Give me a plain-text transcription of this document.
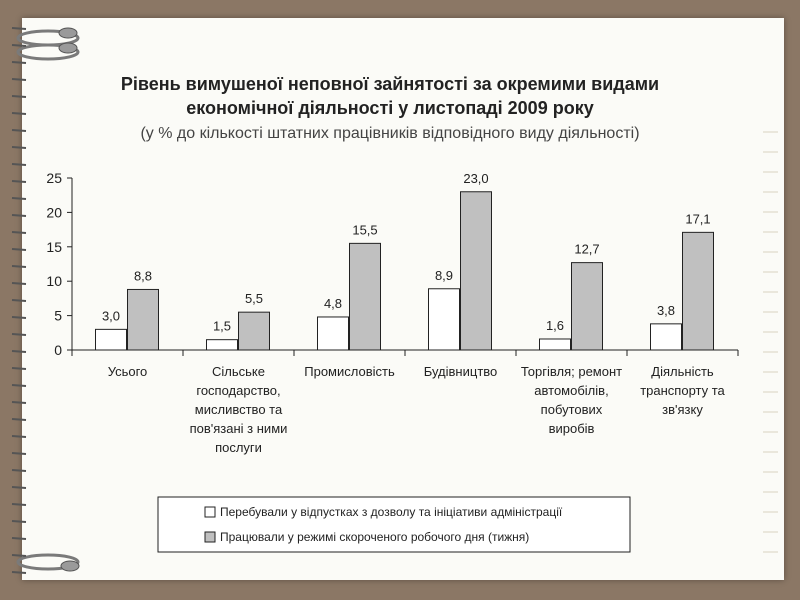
Рівень вимушеної неповної зайнятості за окремими видами
економічної діяльності у листопаді 2009 року
(у % до кількості штатних працівників відповідного виду діяльності)
0
5
10
15
20
25
3,0
1,5
4,8
8,9
1,6
3,8
8,8
5,5
15,5
23,0
12,7
17,1
Усього	Сільське
господарство,
мисливство та
пов'язані з ними
послуги
Промисловість Будівництво Торгівля; ремонт
автомобілів,
побутових
виробів
Діяльність
транспорту та
зв'язку
Перебували у відпустках з дозволу та ініціативи адміністрації
Працювали у режимі скороченого робочого дня (тижня)
